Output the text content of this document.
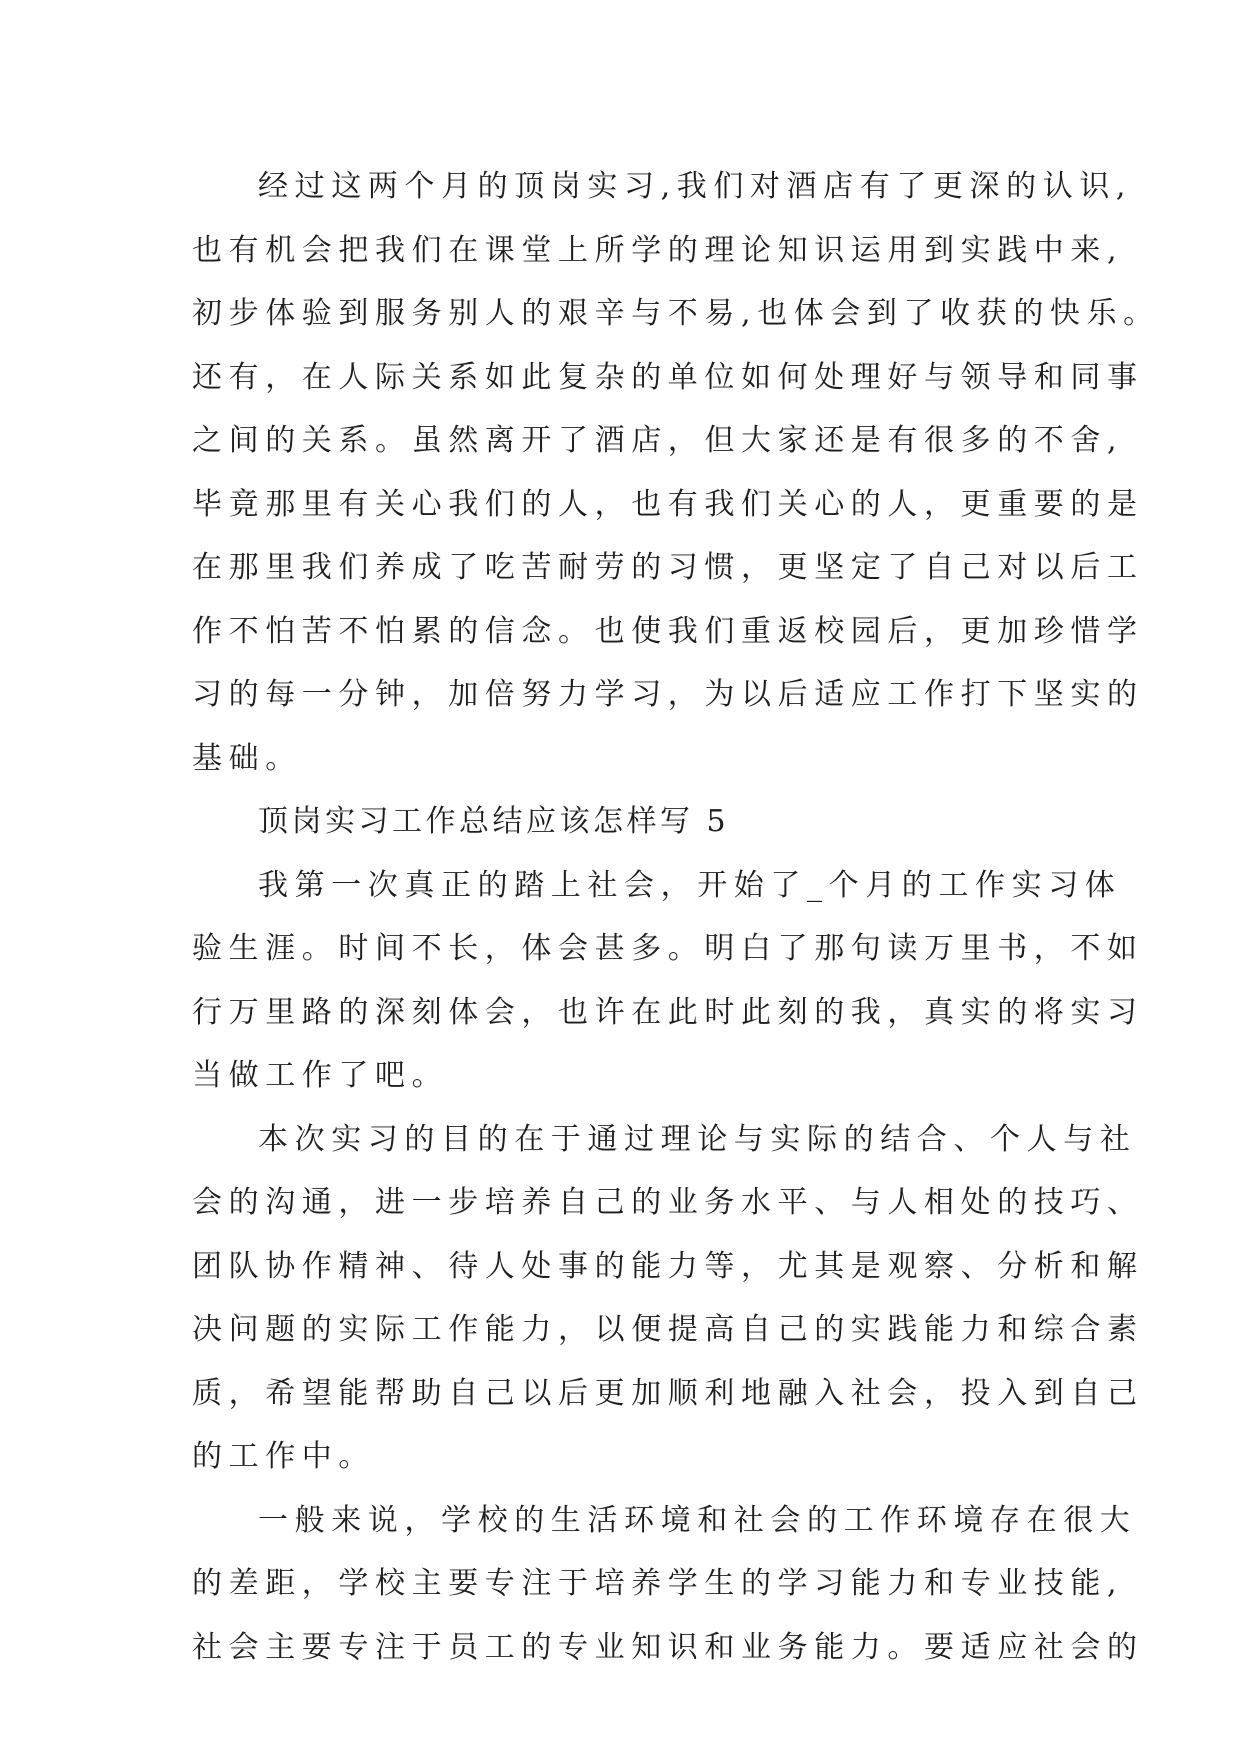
经过这两个月的顶岗实习,我们对酒店有了更深的认识,
也有机会把我们在课堂上所学的理论知识运用到实践中来,
初步体验到服务别人的艰辛与不易,也体会到了收获的快乐。
还有，在人际关系如此复杂的单位如何处理好与领导和同事
之间的关系。虽然离开了酒店，但大家还是有很多的不舍,
毕竟那里有关心我们的人，也有我们关心的人，更重要的是
在那里我们养成了吃苦耐劳的习惯，更坚定了自己对以后工
作不怕苦不怕累的信念。也使我们重返校园后，更加珍惜学
习的每一分钟，加倍努力学习，为以后适应工作打下坚实的
基础。
顶岗实习工作总结应该怎样写 5
我第一次真正的踏上社会，开始了_个月的工作实习体
验生涯。时间不长，体会甚多。明白了那句读万里书，不如
行万里路的深刻体会，也许在此时此刻的我，真实的将实习
当做工作了吧。
本次实习的目的在于通过理论与实际的结合、个人与社
会的沟通，进一步培养自己的业务水平、与人相处的技巧、
团队协作精神、待人处事的能力等，尤其是观察、分析和解
决问题的实际工作能力，以便提高自己的实践能力和综合素
质，希望能帮助自己以后更加顺利地融入社会，投入到自己
的工作中。
一般来说，学校的生活环境和社会的工作环境存在很大
的差距，学校主要专注于培养学生的学习能力和专业技能,
社会主要专注于员工的专业知识和业务能力。要适应社会的
